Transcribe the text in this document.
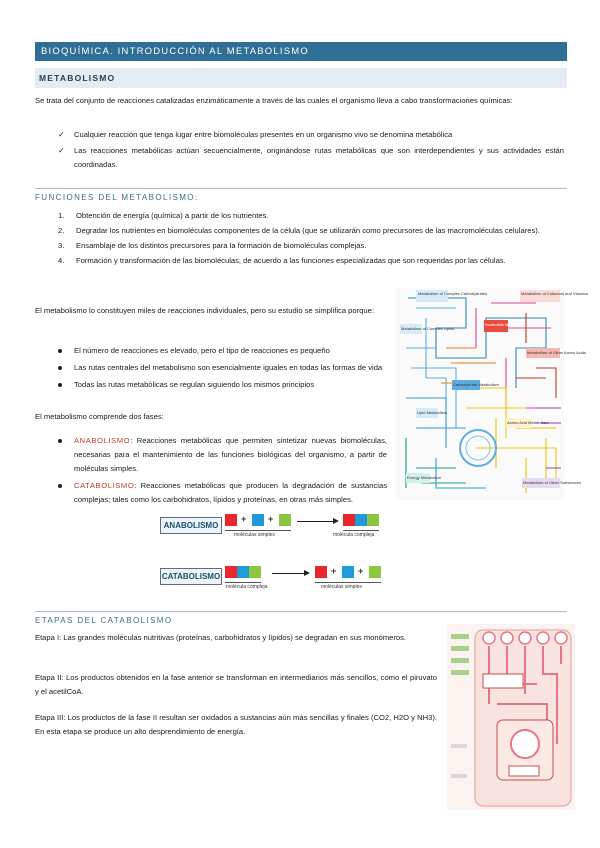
BIOQUÍMICA. INTRODUCCIÓN AL METABOLISMO
METABOLISMO
Se trata del conjunto de reacciones catalizadas enzimáticamente a través de las cuales el organismo lleva a cabo transformaciones químicas:
✓ Cualquier reacción que tenga lugar entre biomoléculas presentes en un organismo vivo se denomina metabólica
✓ Las reacciones metabólicas actúan secuencialmente, originándose rutas metabólicas que son interdependientes y sus actividades están coordinadas.
FUNCIONES DEL METABOLISMO:
1. Obtención de energía (química) a partir de los nutrientes.
2. Degradar los nutrientes en biomoléculas componentes de la célula (que se utilizarán como precursores de las macromoléculas celulares).
3. Ensamblaje de los distintos precursores para la formación de biomoléculas complejas.
4. Formación y transformación de las biomoléculas, de acuerdo a las funciones especializadas que son requeridas por las células.
El metabolismo lo constituyen miles de reacciones individuales, pero su estudio se simplifica porque:
El número de reacciones es elevado, pero el tipo de reacciones es pequeño
Las rutas centrales del metabolismo son esencialmente iguales en todas las formas de vida
Todas las rutas metabólicas se regulan siguiendo los mismos principios
El metabolismo comprende dos fases:
ANABOLISMO: Reacciones metabólicas que permiten sintetizar nuevas biomoléculas, necesarias para el mantenimiento de las funciones biológicas del organismo, a partir de moléculas simples.
CATABOLISMO: Reacciones metabólicas que producen la degradación de sustancias complejas; tales como los carbohidratos, lípidos y proteínas, en otras más simples.
Metabolism of Complex Carbohydrates	Metabolism of Cofactors and Vitamins
Metabolism of Complex Lipids
Nucleotide Metabolism
Metabolism of Other Amino Acids
Carbohydrate Metabolism
Lipid Metabolism
Amino Acid Metabolism
Energy Metabolism
Metabolism of Other Substances
ANABOLISMO
+ +
moléculas simples	molécula compleja
CATABOLISMO
molécula compleja
+ +
moléculas simples
ETAPAS DEL CATABOLISMO
Etapa I: Las grandes moléculas nutritivas (proteínas, carbohidratos y lípidos) se degradan en sus monómeros.
Etapa II: Los productos obtenidos en la fase anterior se transforman en intermediarios más sencillos, como el piruvato y el acetilCoA.
Etapa III: Los productos de la fase II resultan ser oxidados a sustancias aún más sencillas y finales (CO2, H2O y NH3). En esta etapa se produce un alto desprendimiento de energía.
